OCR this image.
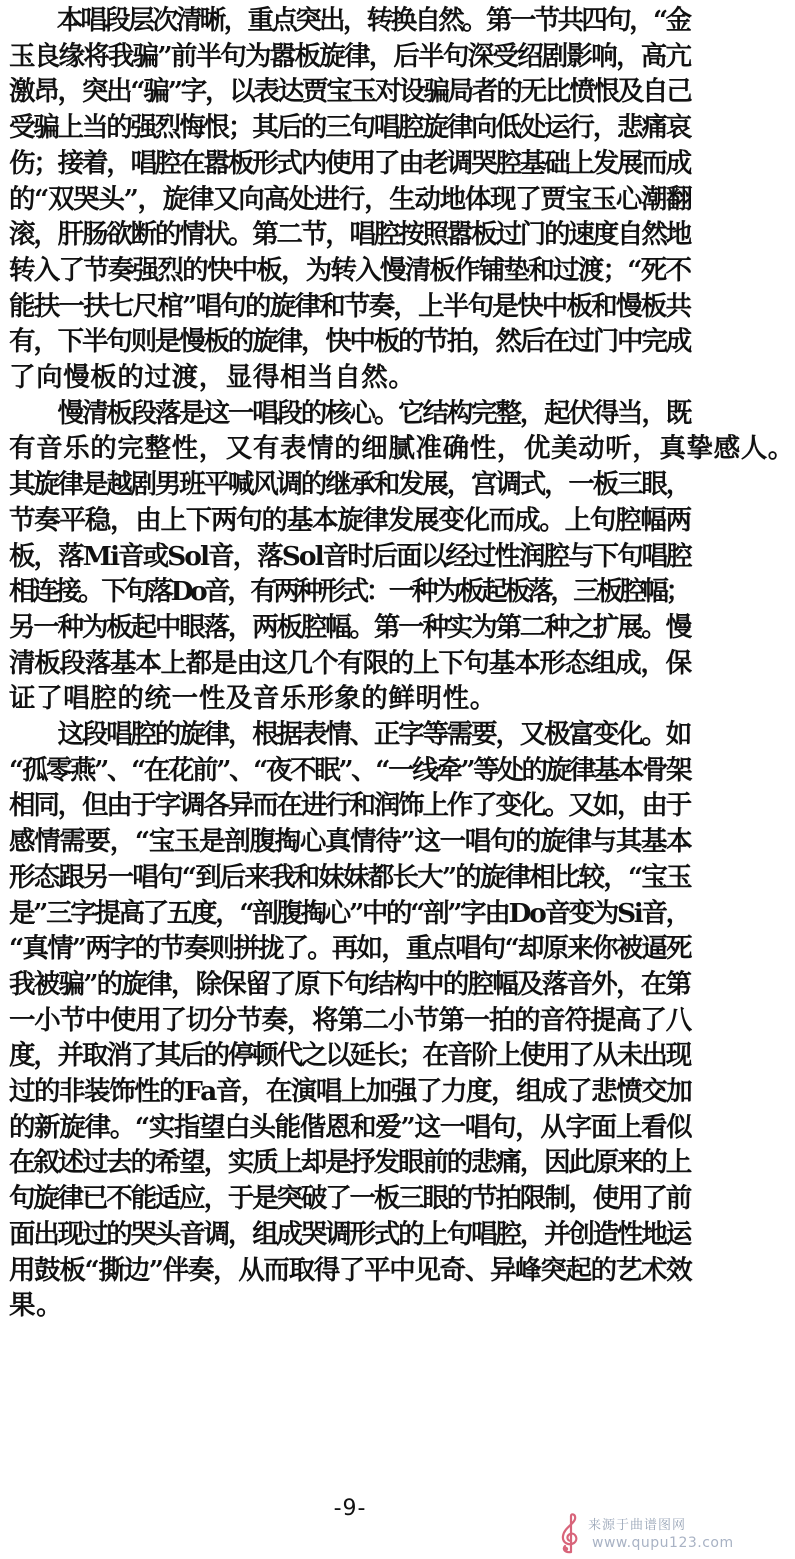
　　本唱段层次清晰，重点突出，转换自然。第一节共四句，“金
玉良缘将我骗”前半句为嚣板旋律，后半句深受绍剧影响，高亢
激昂，突出“骗”字，以表达贾宝玉对设骗局者的无比愤恨及自己
受骗上当的强烈悔恨；其后的三句唱腔旋律向低处运行，悲痛哀
伤；接着，唱腔在嚣板形式内使用了由老调哭腔基础上发展而成
的“双哭头”，旋律又向高处进行，生动地体现了贾宝玉心潮翻
滚，肝肠欲断的情状。第二节，唱腔按照嚣板过门的速度自然地
转入了节奏强烈的快中板，为转入慢清板作铺垫和过渡；“死不
能扶一扶七尺棺”唱句的旋律和节奏，上半句是快中板和慢板共
有，下半句则是慢板的旋律，快中板的节拍，然后在过门中完成
了向慢板的过渡，显得相当自然。
　　慢清板段落是这一唱段的核心。它结构完整，起伏得当，既
有音乐的完整性，又有表情的细腻准确性，优美动听，真挚感人。
其旋律是越剧男班平喊风调的继承和发展，宫调式，一板三眼，
节奏平稳，由上下两句的基本旋律发展变化而成。上句腔幅两
板，落Mi音或Sol音，落Sol音时后面以经过性润腔与下句唱腔
相连接。下句落Do音，有两种形式：一种为板起板落，三板腔幅；
另一种为板起中眼落，两板腔幅。第一种实为第二种之扩展。慢
清板段落基本上都是由这几个有限的上下句基本形态组成，保
证了唱腔的统一性及音乐形象的鲜明性。
　　这段唱腔的旋律，根据表情、正字等需要，又极富变化。如
“孤零燕”、“在花前”、“夜不眠”、“一线牵”等处的旋律基本骨架
相同，但由于字调各异而在进行和润饰上作了变化。又如，由于
感情需要，“宝玉是剖腹掏心真情待”这一唱句的旋律与其基本
形态跟另一唱句“到后来我和妹妹都长大”的旋律相比较，“宝玉
是”三字提高了五度，“剖腹掏心”中的“剖”字由Do音变为Si音，
“真情”两字的节奏则拼拢了。再如，重点唱句“却原来你被逼死
我被骗”的旋律，除保留了原下句结构中的腔幅及落音外，在第
一小节中使用了切分节奏，将第二小节第一拍的音符提高了八
度，并取消了其后的停顿代之以延长；在音阶上使用了从未出现
过的非装饰性的Fa音，在演唱上加强了力度，组成了悲愤交加
的新旋律。“实指望白头能偕恩和爱”这一唱句，从字面上看似
在叙述过去的希望，实质上却是抒发眼前的悲痛，因此原来的上
句旋律已不能适应，于是突破了一板三眼的节拍限制，使用了前
面出现过的哭头音调，组成哭调形式的上句唱腔，并创造性地运
用鼓板“撕边”伴奏，从而取得了平中见奇、异峰突起的艺术效
果。
-9-
来源于曲谱图网
www.qupu123.com
